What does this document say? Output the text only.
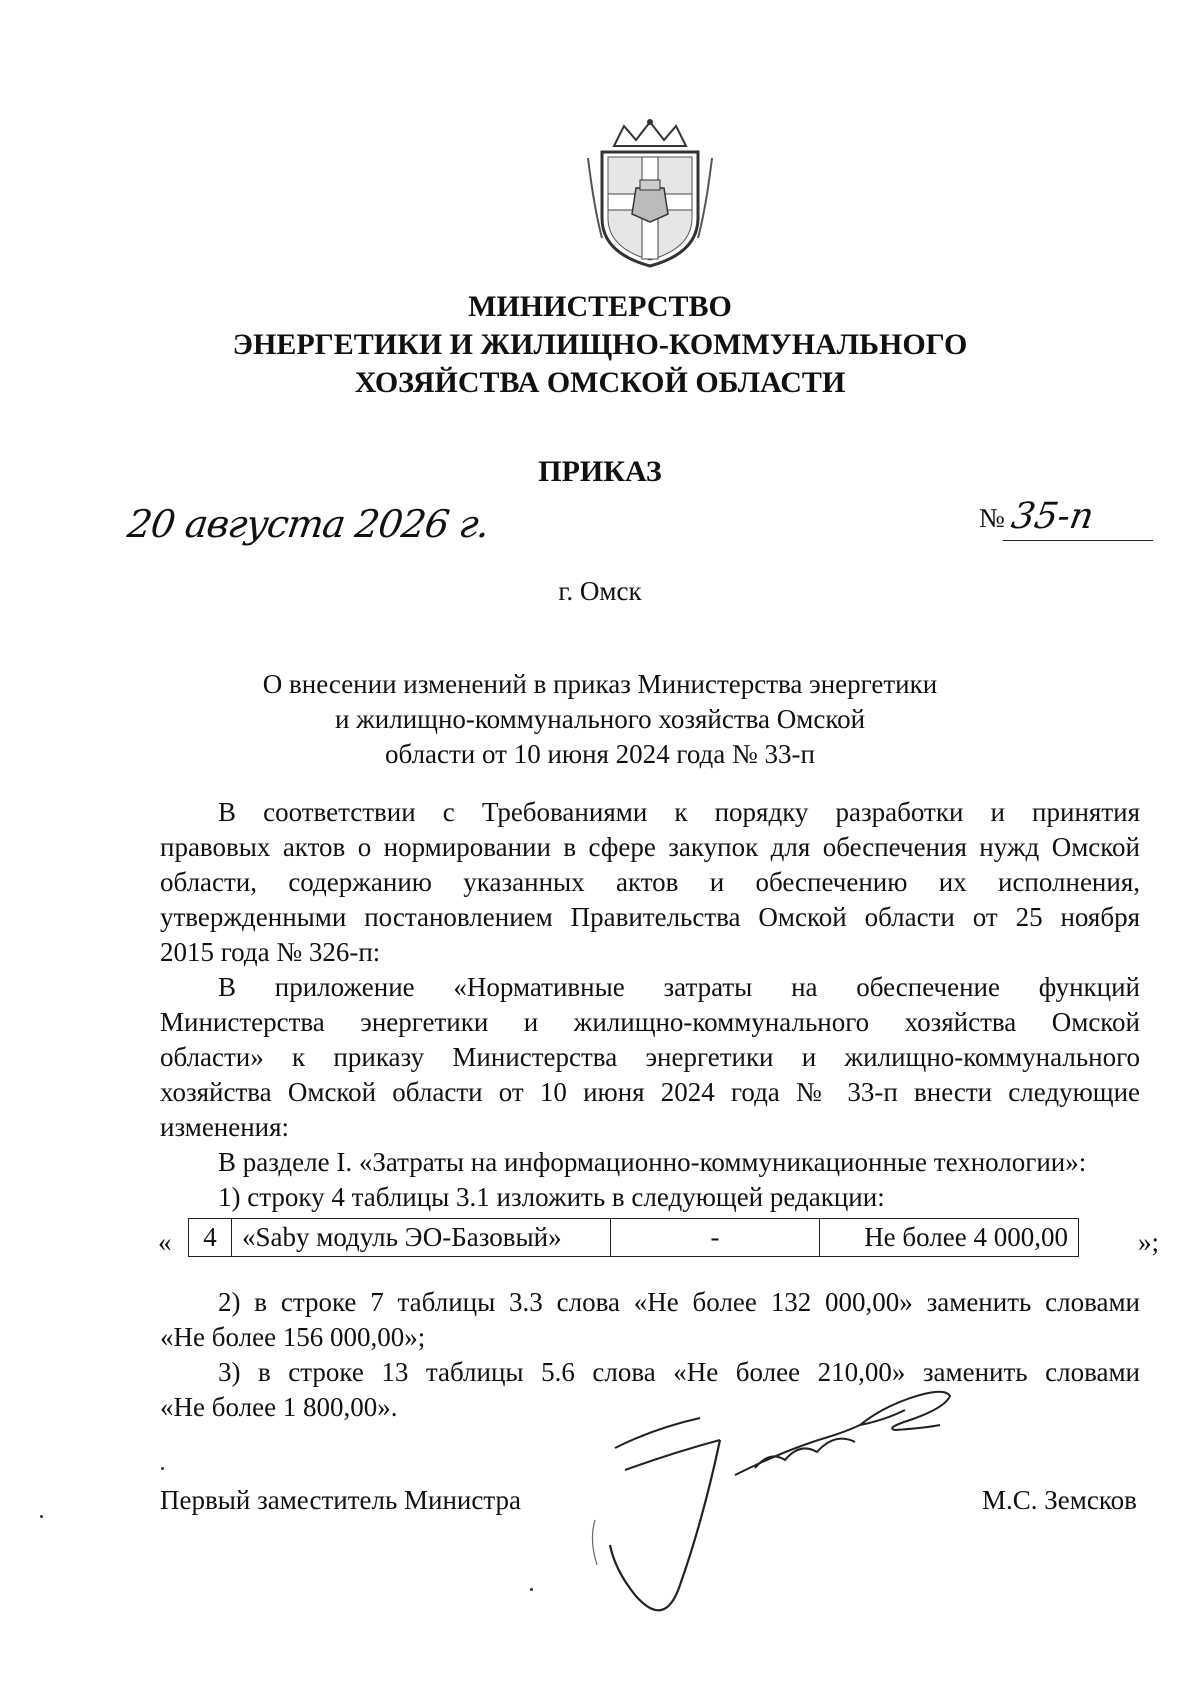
МИНИСТЕРСТВО
ЭНЕРГЕТИКИ И ЖИЛИЩНО-КОММУНАЛЬНОГО
ХОЗЯЙСТВА ОМСКОЙ ОБЛАСТИ
ПРИКАЗ
20 августа 2026 г.	№ 35-п
г. Омск
О внесении изменений в приказ Министерства энергетики
и жилищно-коммунального хозяйства Омской
области от 10 июня 2024 года № 33-п
В соответствии с Требованиями к порядку разработки и принятия
правовых актов о нормировании в сфере закупок для обеспечения нужд Омской
области, содержанию указанных актов и обеспечению их исполнения,
утвержденными постановлением Правительства Омской области от 25 ноября
2015 года № 326-п:
В приложение «Нормативные затраты на обеспечение функций
Министерства энергетики и жилищно-коммунального хозяйства Омской
области» к приказу Министерства энергетики и жилищно-коммунального
хозяйства Омской области от 10 июня 2024 года № 33-п внести следующие
изменения:
В разделе I. «Затраты на информационно-коммуникационные технологии»:
1) строку 4 таблицы 3.1 изложить в следующей редакции:
« 4	«Saby модуль ЭО-Базовый»	-	Не более 4 000,00	»;
2) в строке 7 таблицы 3.3 слова «Не более 132 000,00» заменить словами
«Не более 156 000,00»;
3) в строке 13 таблицы 5.6 слова «Не более 210,00» заменить словами
«Не более 1 800,00».
Первый заместитель Министра	М.С. Земсков
